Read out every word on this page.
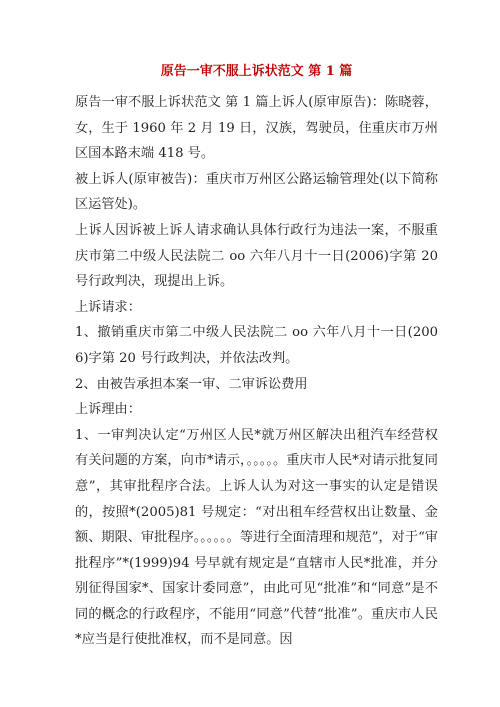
原告一审不服上诉状范文 第 1 篇

原告一审不服上诉状范文 第 1 篇上诉人(原审原告)：陈晓蓉，女，生于 1960 年 2 月 19 日，汉族，驾驶员，住重庆市万州区国本路末端 418 号。

被上诉人(原审被告)：重庆市万州区公路运输管理处(以下简称区运管处)。

上诉人因诉被上诉人请求确认具体行政行为违法一案，不服重庆市第二中级人民法院二 oo 六年八月十一日(2006)字第 20 号行政判决，现提出上诉。

上诉请求：

1、撤销重庆市第二中级人民法院二 oo 六年八月十一日(2006)字第 20 号行政判决，并依法改判。

2、由被告承担本案一审、二审诉讼费用

上诉理由：

1、一审判决认定“万州区人民*就万州区解决出租汽车经营权有关问题的方案，向市*请示，。。。。。重庆市人民*对请示批复同意”，其审批程序合法。上诉人认为对这一事实的认定是错误的，按照*(2005)81 号规定：“对出租车经营权出让数量、金额、期限、审批程序。。。。。。等进行全面清理和规范”，对于“审批程序”*(1999)94 号早就有规定是“直辖市人民*批准，并分别征得国家*、国家计委同意”，由此可见“批准”和“同意”是不同的概念的行政程序，不能用“同意”代替“批准”。重庆市人民*应当是行使批准权，而不是同意。因
